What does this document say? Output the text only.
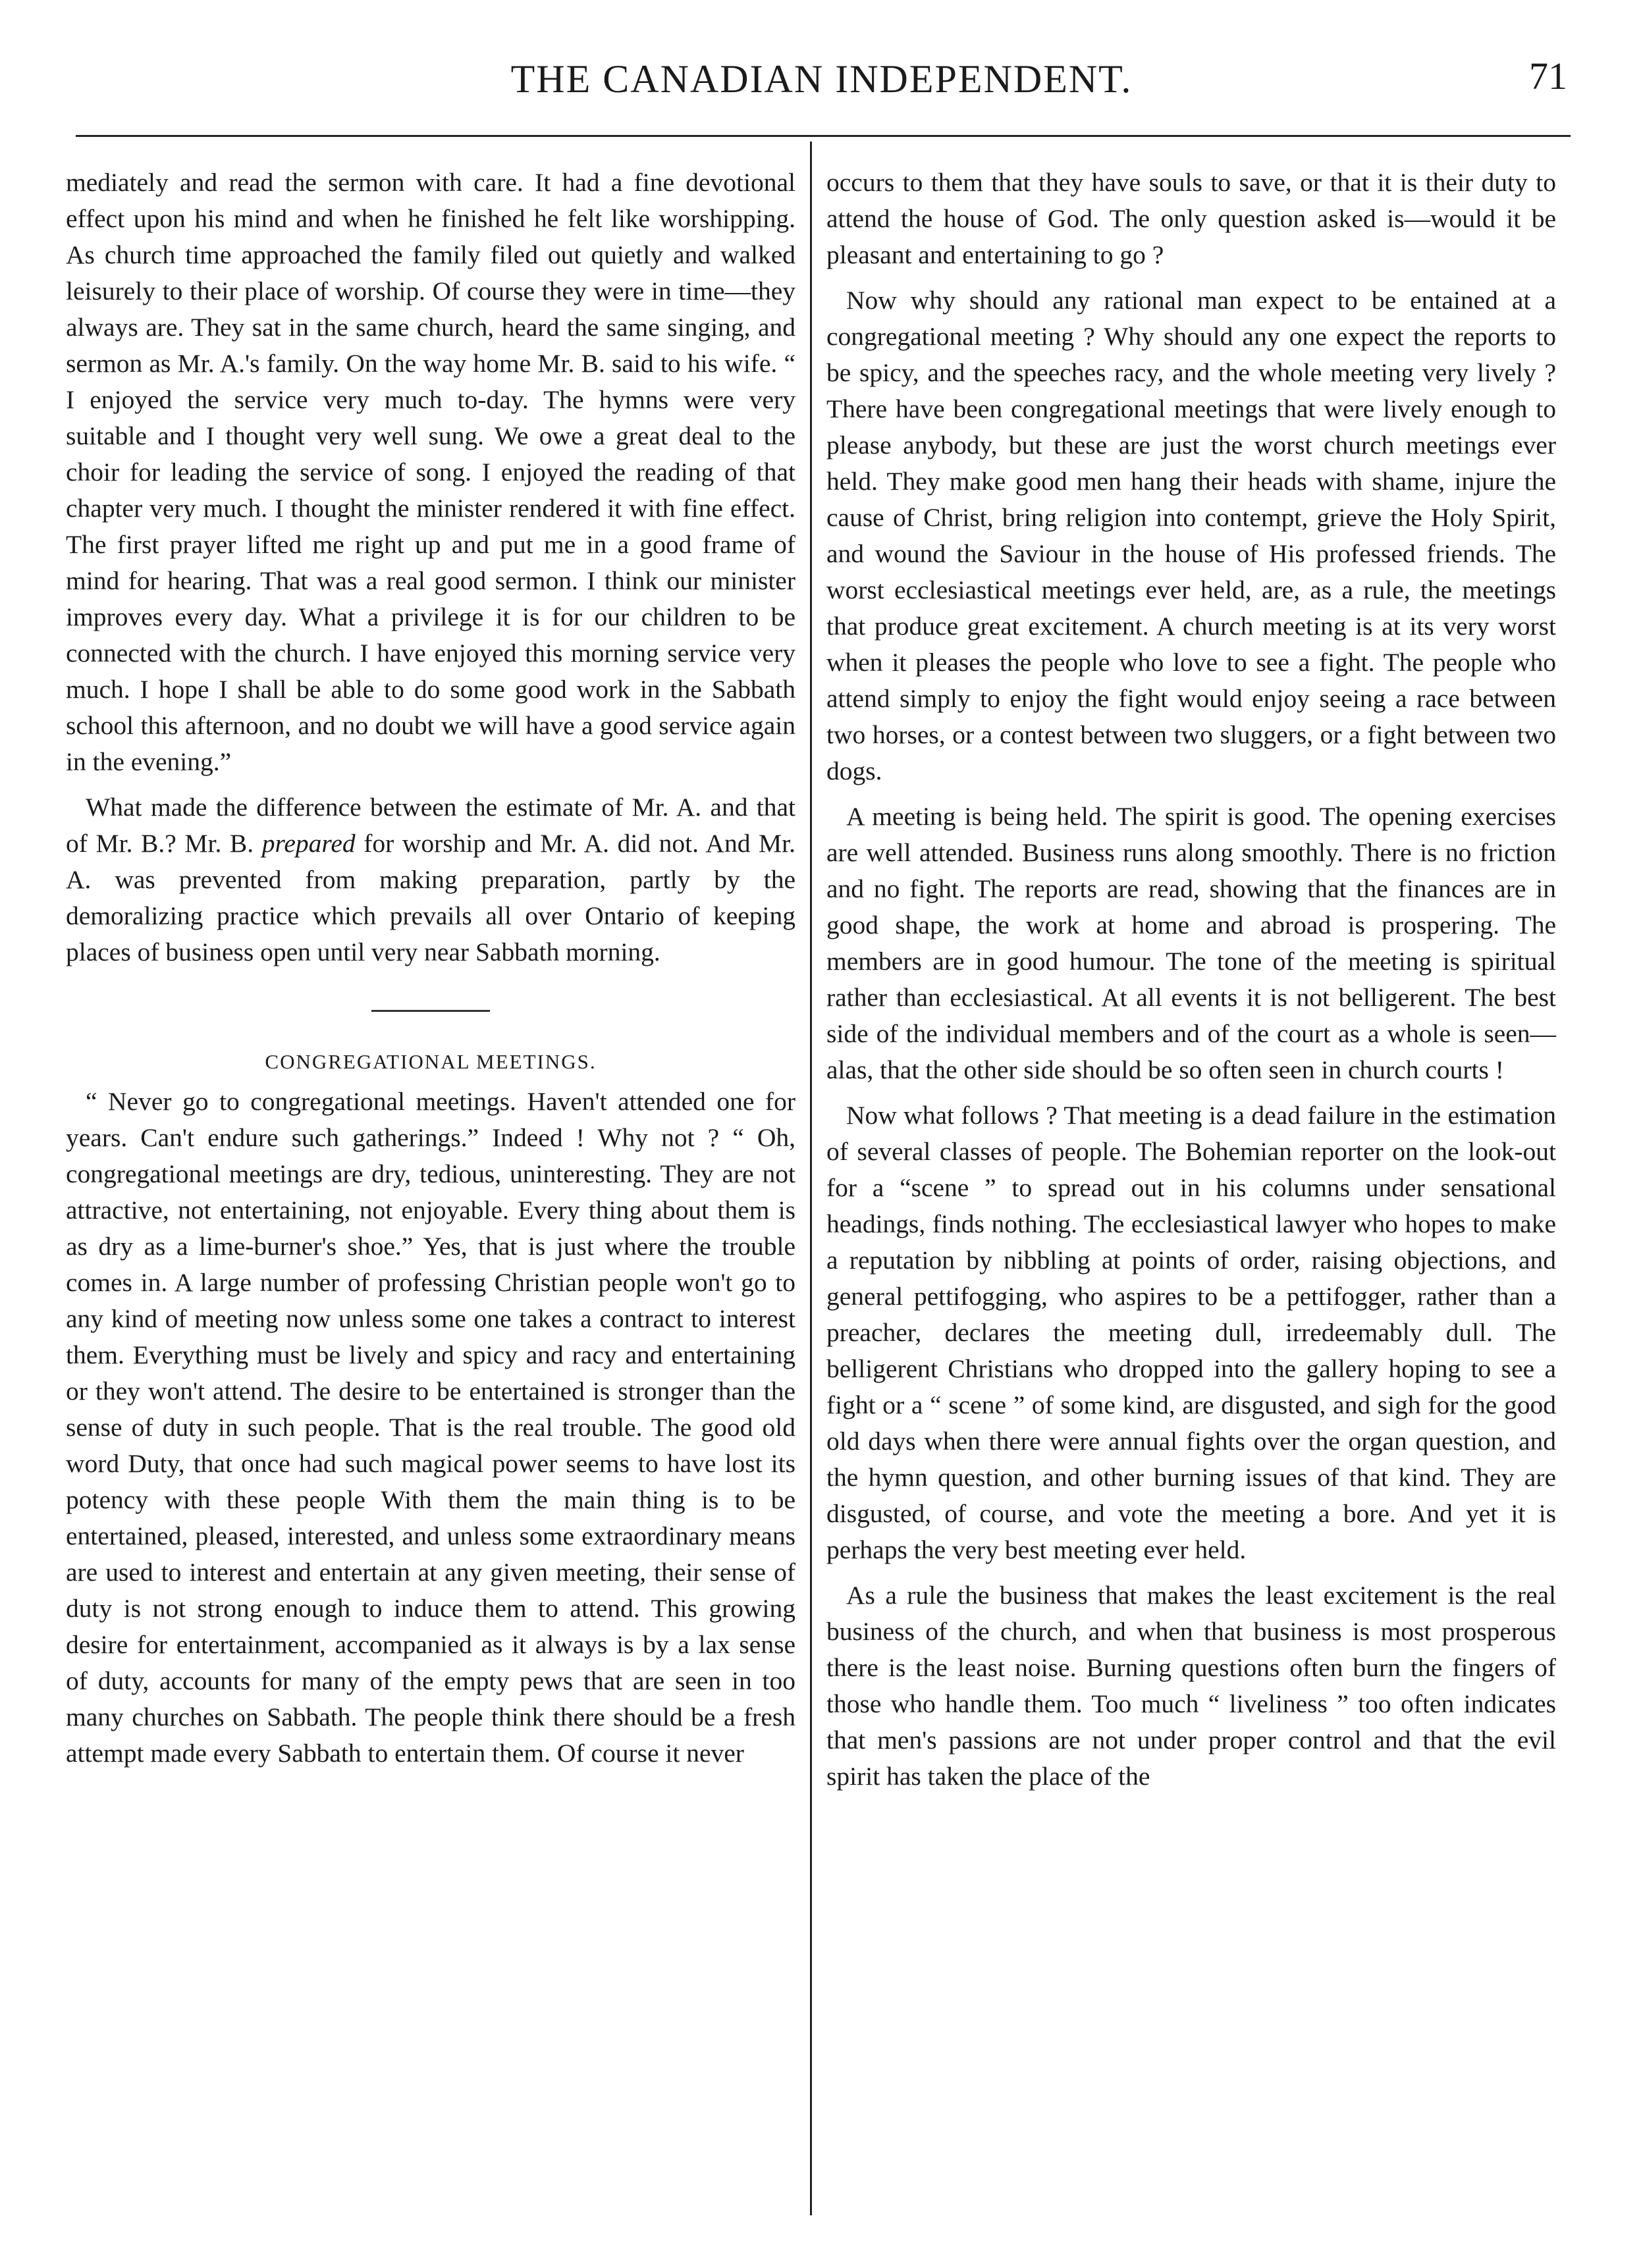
THE CANADIAN INDEPENDENT.	71

mediately and read the sermon with care. It had a fine devotional effect upon his mind and when he finished he felt like worshipping. As church time approached the family filed out quietly and walked leisurely to their place of worship. Of course they were in time—they always are. They sat in the same church, heard the same singing, and sermon as Mr. A.'s family. On the way home Mr. B. said to his wife. “ I enjoyed the service very much to-day. The hymns were very suitable and I thought very well sung. We owe a great deal to the choir for leading the service of song. I enjoyed the reading of that chapter very much. I thought the minister rendered it with fine effect. The first prayer lifted me right up and put me in a good frame of mind for hearing. That was a real good sermon. I think our minister improves every day. What a privilege it is for our children to be connected with the church. I have enjoyed this morning service very much. I hope I shall be able to do some good work in the Sabbath school this afternoon, and no doubt we will have a good service again in the evening.”

What made the difference between the estimate of Mr. A. and that of Mr. B.? Mr. B. prepared for worship and Mr. A. did not. And Mr. A. was prevented from making preparation, partly by the demoralizing practice which prevails all over Ontario of keeping places of business open until very near Sabbath morning.

CONGREGATIONAL MEETINGS.

“ Never go to congregational meetings. Haven't attended one for years. Can't endure such gatherings.” Indeed ! Why not ? “ Oh, congregational meetings are dry, tedious, uninteresting. They are not attractive, not entertaining, not enjoyable. Every thing about them is as dry as a lime-burner's shoe.” Yes, that is just where the trouble comes in. A large number of professing Christian people won't go to any kind of meeting now unless some one takes a contract to interest them. Everything must be lively and spicy and racy and entertaining or they won't attend. The desire to be entertained is stronger than the sense of duty in such people. That is the real trouble. The good old word Duty, that once had such magical power seems to have lost its potency with these people With them the main thing is to be entertained, pleased, interested, and unless some extraordinary means are used to interest and entertain at any given meeting, their sense of duty is not strong enough to induce them to attend. This growing desire for entertainment, accompanied as it always is by a lax sense of duty, accounts for many of the empty pews that are seen in too many churches on Sabbath. The people think there should be a fresh attempt made every Sabbath to entertain them. Of course it never

occurs to them that they have souls to save, or that it is their duty to attend the house of God. The only question asked is—would it be pleasant and entertaining to go ?

Now why should any rational man expect to be entained at a congregational meeting ? Why should any one expect the reports to be spicy, and the speeches racy, and the whole meeting very lively ? There have been congregational meetings that were lively enough to please anybody, but these are just the worst church meetings ever held. They make good men hang their heads with shame, injure the cause of Christ, bring religion into contempt, grieve the Holy Spirit, and wound the Saviour in the house of His professed friends. The worst ecclesiastical meetings ever held, are, as a rule, the meetings that produce great excitement. A church meeting is at its very worst when it pleases the people who love to see a fight. The people who attend simply to enjoy the fight would enjoy seeing a race between two horses, or a contest between two sluggers, or a fight between two dogs.

A meeting is being held. The spirit is good. The opening exercises are well attended. Business runs along smoothly. There is no friction and no fight. The reports are read, showing that the finances are in good shape, the work at home and abroad is prospering. The members are in good humour. The tone of the meeting is spiritual rather than ecclesiastical. At all events it is not belligerent. The best side of the individual members and of the court as a whole is seen—alas, that the other side should be so often seen in church courts !

Now what follows ? That meeting is a dead failure in the estimation of several classes of people. The Bohemian reporter on the look-out for a “scene ” to spread out in his columns under sensational headings, finds nothing. The ecclesiastical lawyer who hopes to make a reputation by nibbling at points of order, raising objections, and general pettifogging, who aspires to be a pettifogger, rather than a preacher, declares the meeting dull, irredeemably dull. The belligerent Christians who dropped into the gallery hoping to see a fight or a “ scene ” of some kind, are disgusted, and sigh for the good old days when there were annual fights over the organ question, and the hymn question, and other burning issues of that kind. They are disgusted, of course, and vote the meeting a bore. And yet it is perhaps the very best meeting ever held.

As a rule the business that makes the least excitement is the real business of the church, and when that business is most prosperous there is the least noise. Burning questions often burn the fingers of those who handle them. Too much “ liveliness ” too often indicates that men's passions are not under proper control and that the evil spirit has taken the place of the
